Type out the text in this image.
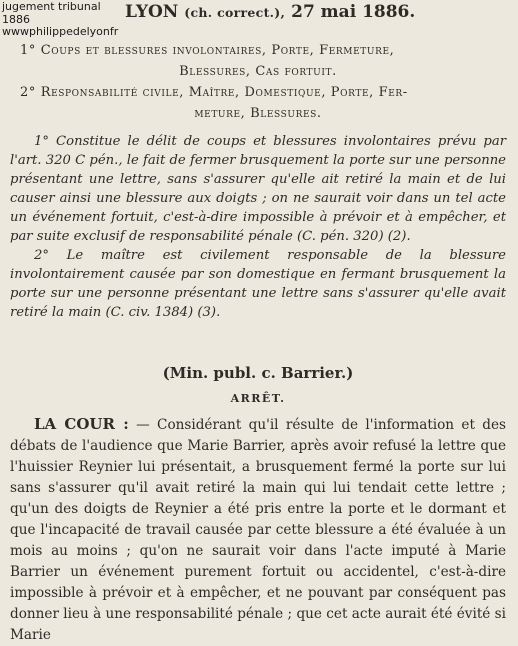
jugement tribunal
1886
wwwphilippedelyonfr
LYON (ch. correct.), 27 mai 1886.

1° Coups et blessures involontaires, Porte, Fermeture,

Blessures, Cas fortuit.

2° Responsabilité civile, Maître, Domestique, Porte, Fer-

meture, Blessures.

1° Constitue le délit de coups et blessures involontaires prévu par l'art. 320 C pén., le fait de fermer brusquement la porte sur une personne présentant une lettre, sans s'assurer qu'elle ait retiré la main et de lui causer ainsi une blessure aux doigts ; on ne saurait voir dans un tel acte un événement fortuit, c'est-à-dire impossible à prévoir et à empêcher, et par suite exclusif de responsabilité pénale (C. pén. 320) (2).

2° Le maître est civilement responsable de la blessure involontairement causée par son domestique en fermant brusquement la porte sur une personne présentant une lettre sans s'assurer qu'elle avait retiré la main (C. civ. 1384) (3).

(Min. publ. c. Barrier.)
ARRÊT.
LA COUR : — Considérant qu'il résulte de l'information et des débats de l'audience que Marie Barrier, après avoir refusé la lettre que l'huissier Reynier lui présentait, a brusquement fermé la porte sur lui sans s'assurer qu'il avait retiré la main qui lui tendait cette lettre ; qu'un des doigts de Reynier a été pris entre la porte et le dormant et que l'incapacité de travail causée par cette blessure a été évaluée à un mois au moins ; qu'on ne saurait voir dans l'acte imputé à Marie Barrier un événement purement fortuit ou accidentel, c'est-à-dire impossible à prévoir et à empêcher, et ne pouvant par conséquent pas donner lieu à une responsabilité pénale ; que cet acte aurait été évité si Marie
